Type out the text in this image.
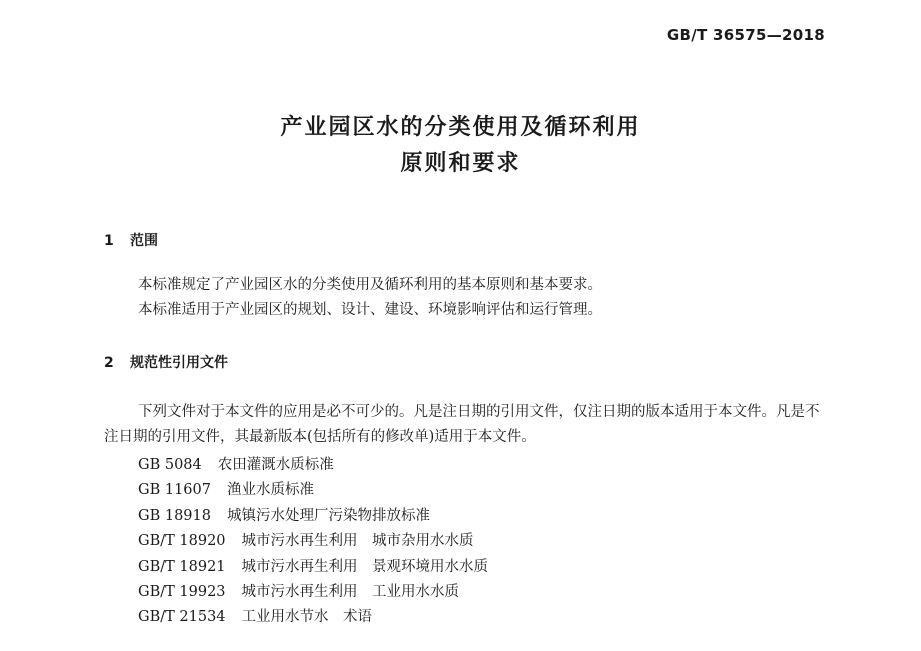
GB/T 36575—2018
产业园区水的分类使用及循环利用
原则和要求
1 范围

本标准规定了产业园区水的分类使用及循环利用的基本原则和基本要求。

本标准适用于产业园区的规划、设计、建设、环境影响评估和运行管理。

2 规范性引用文件

下列文件对于本文件的应用是必不可少的。凡是注日期的引用文件，仅注日期的版本适用于本文件。凡是不注日期的引用文件，其最新版本(包括所有的修改单)适用于本文件。

GB 5084 农田灌溉水质标准
GB 11607 渔业水质标准
GB 18918 城镇污水处理厂污染物排放标准
GB/T 18920 城市污水再生利用　城市杂用水水质
GB/T 18921 城市污水再生利用　景观环境用水水质
GB/T 19923 城市污水再生利用　工业用水水质
GB/T 21534 工业用水节水　术语
